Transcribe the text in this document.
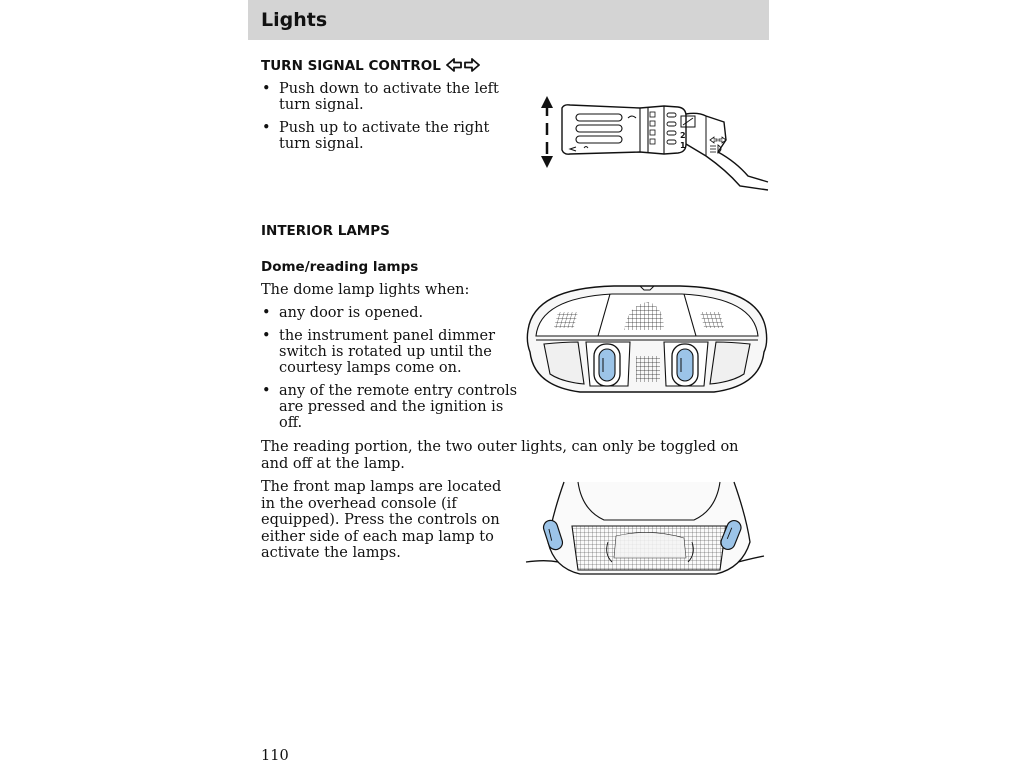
Lights
TURN SIGNAL CONTROL
• Push down to activate the left turn signal.
• Push up to activate the right turn signal.
2
1
INTERIOR LAMPS
Dome/reading lamps

The dome lamp lights when:

• any door is opened.
• the instrument panel dimmer switch is rotated up until the courtesy lamps come on.
• any of the remote entry controls are pressed and the ignition is off.

The reading portion, the two outer lights, can only be toggled on and off at the lamp.

The front map lamps are located in the overhead console (if equipped). Press the controls on either side of each map lamp to activate the lamps.

110
